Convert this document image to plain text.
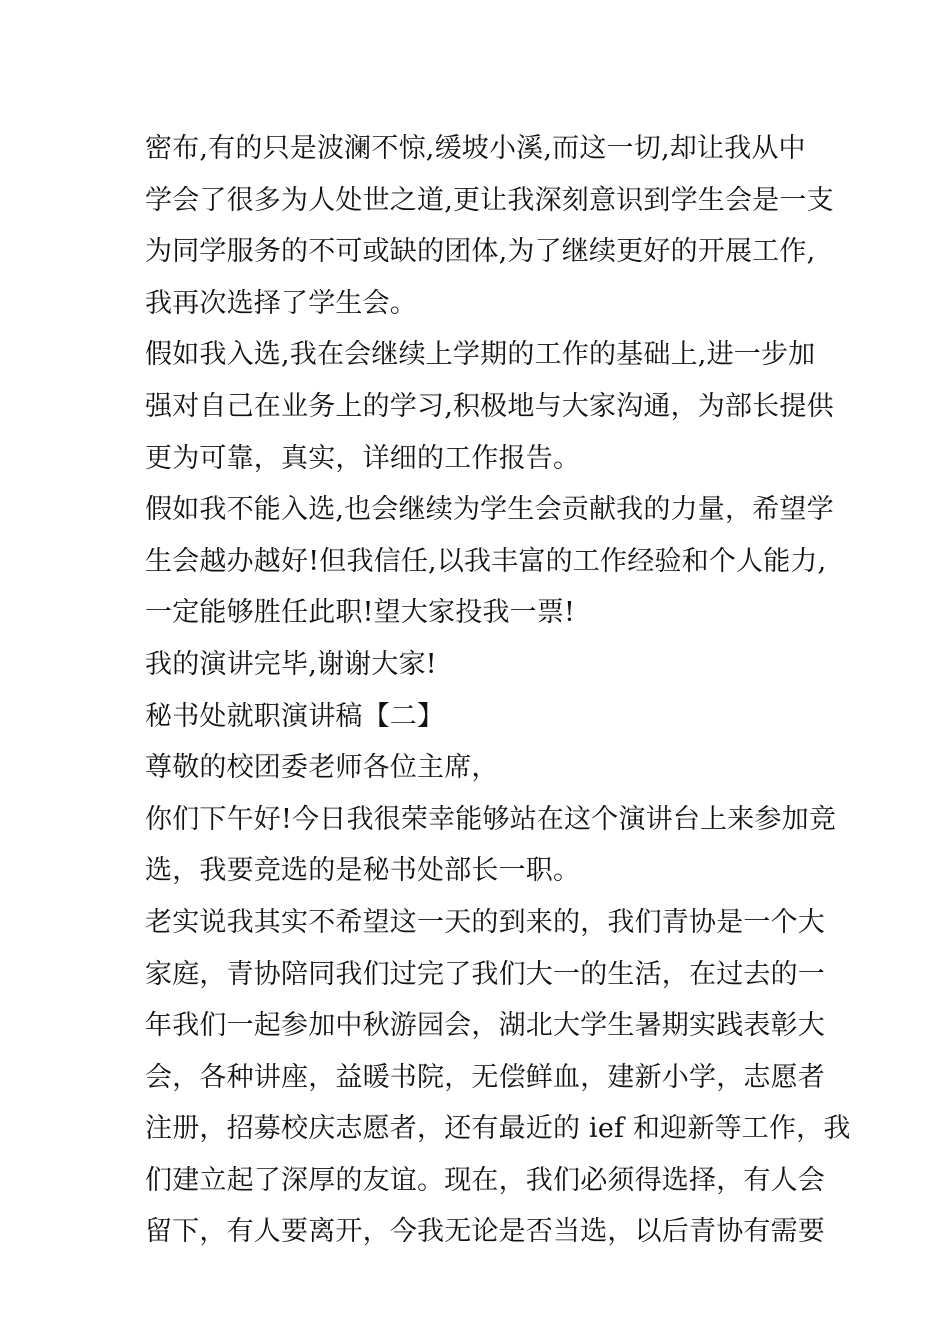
密布,有的只是波澜不惊,缓坡小溪,而这一切,却让我从中
学会了很多为人处世之道,更让我深刻意识到学生会是一支
为同学服务的不可或缺的团体,为了继续更好的开展工作,
我再次选择了学生会。
假如我入选,我在会继续上学期的工作的基础上,进一步加
强对自己在业务上的学习,积极地与大家沟通，为部长提供
更为可靠，真实，详细的工作报告。
假如我不能入选,也会继续为学生会贡献我的力量，希望学
生会越办越好!但我信任,以我丰富的工作经验和个人能力,
一定能够胜任此职!望大家投我一票!
我的演讲完毕,谢谢大家!
秘书处就职演讲稿【二】
尊敬的校团委老师各位主席，
你们下午好!今日我很荣幸能够站在这个演讲台上来参加竞
选，我要竞选的是秘书处部长一职。
老实说我其实不希望这一天的到来的，我们青协是一个大
家庭，青协陪同我们过完了我们大一的生活，在过去的一
年我们一起参加中秋游园会，湖北大学生暑期实践表彰大
会，各种讲座，益暖书院，无偿鲜血，建新小学，志愿者
注册，招募校庆志愿者，还有最近的 ief 和迎新等工作，我
们建立起了深厚的友谊。现在，我们必须得选择，有人会
留下，有人要离开，今我无论是否当选，以后青协有需要
